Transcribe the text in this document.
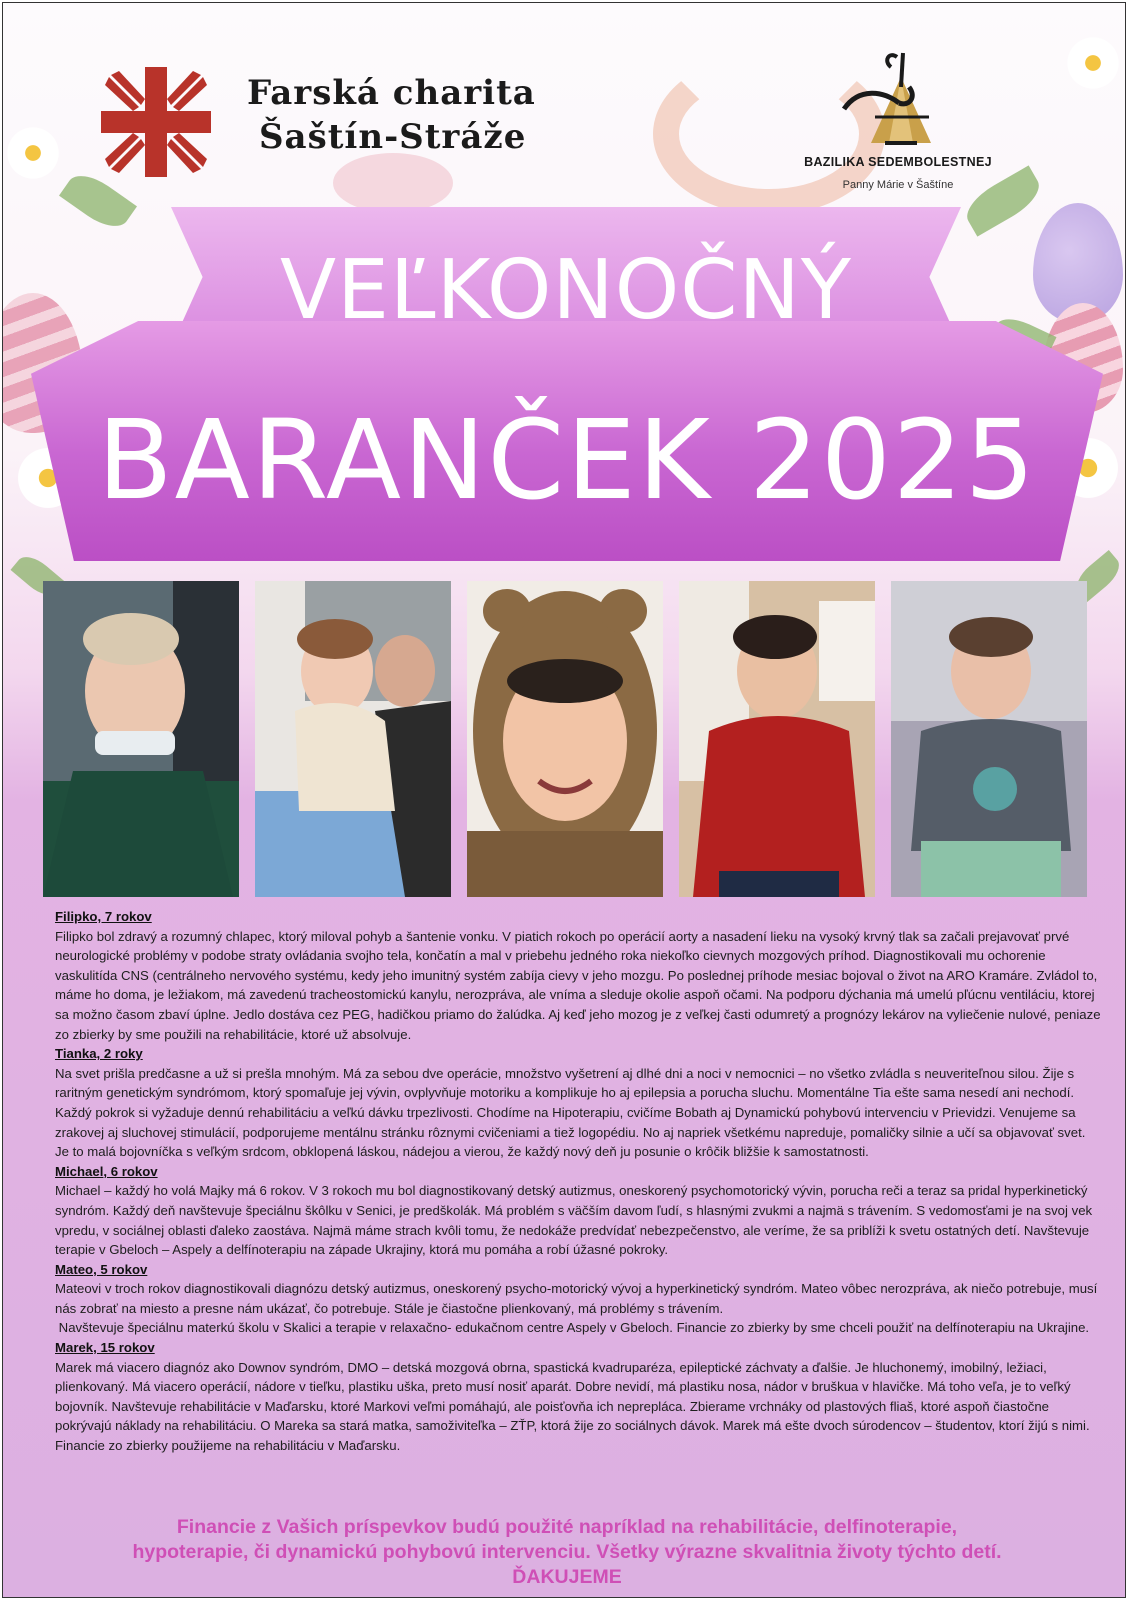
Farská charita
Šaštín-Stráže
BAZILIKA SEDEMBOLESTNEJ
Panny Márie v Šaštíne
VEĽKONOČNÝ
BARANČEK 2025
Filipko, 7 rokov

Filipko bol zdravý a rozumný chlapec, ktorý miloval pohyb a šantenie vonku. V piatich rokoch po operácií aorty a nasadení lieku na vysoký krvný tlak sa začali prejavovať prvé neurologické problémy v podobe straty ovládania svojho tela, končatín a mal v priebehu jedného roka niekoľko cievnych mozgových príhod. Diagnostikovali mu ochorenie vaskulitída CNS (centrálneho nervového systému, kedy jeho imunitný systém zabíja cievy v jeho mozgu. Po poslednej príhode mesiac bojoval o život na ARO Kramáre. Zvládol to, máme ho doma, je ležiakom, má zavedenú tracheostomickú kanylu, nerozpráva, ale vníma a sleduje okolie aspoň očami. Na podporu dýchania má umelú pľúcnu ventiláciu, ktorej sa možno časom zbaví úplne. Jedlo dostáva cez PEG, hadičkou priamo do žalúdka. Aj keď jeho mozog je z veľkej časti odumretý a prognózy lekárov na vyliečenie nulové, peniaze zo zbierky by sme použili na rehabilitácie, ktoré už absolvuje.

Tianka, 2 roky

Na svet prišla predčasne a už si prešla mnohým. Má za sebou dve operácie, množstvo vyšetrení aj dlhé dni a noci v nemocnici – no všetko zvládla s neuveriteľnou silou. Žije s raritným genetickým syndrómom, ktorý spomaľuje jej vývin, ovplyvňuje motoriku a komplikuje ho aj epilepsia a porucha sluchu. Momentálne Tia ešte sama nesedí ani nechodí. Každý pokrok si vyžaduje dennú rehabilitáciu a veľkú dávku trpezlivosti. Chodíme na Hipoterapiu, cvičíme Bobath aj Dynamickú pohybovú intervenciu v Prievidzi. Venujeme sa zrakovej aj sluchovej stimulácií, podporujeme mentálnu stránku rôznymi cvičeniami a tiež logopédiu. No aj napriek všetkému napreduje, pomaličky silnie a učí sa objavovať svet. Je to malá bojovníčka s veľkým srdcom, obklopená láskou, nádejou a vierou, že každý nový deň ju posunie o krôčik bližšie k samostatnosti.

Michael, 6 rokov

Michael – každý ho volá Majky má 6 rokov. V 3 rokoch mu bol diagnostikovaný detský autizmus, oneskorený psychomotorický vývin, porucha reči a teraz sa pridal hyperkinetický syndróm. Každý deň navštevuje špeciálnu škôlku v Senici, je predškolák. Má problém s väčším davom ľudí, s hlasnými zvukmi a najmä s trávením. S vedomosťami je na svoj vek vpredu, v sociálnej oblasti ďaleko zaostáva. Najmä máme strach kvôli tomu, že nedokáže predvídať nebezpečenstvo, ale veríme, že sa priblíži k svetu ostatných detí. Navštevuje terapie v Gbeloch – Aspely a delfínoterapiu na západe Ukrajiny, ktorá mu pomáha a robí úžasné pokroky.

Mateo, 5 rokov

Mateovi v troch rokov diagnostikovali diagnózu detský autizmus, oneskorený psycho-motorický vývoj a hyperkinetický syndróm. Mateo vôbec nerozpráva, ak niečo potrebuje, musí nás zobrať na miesto a presne nám ukázať, čo potrebuje. Stále je čiastočne plienkovaný, má problémy s trávením.

Navštevuje špeciálnu materkú školu v Skalici a terapie v relaxačno- edukačnom centre Aspely v Gbeloch. Financie zo zbierky by sme chceli použiť na delfínoterapiu na Ukrajine.

Marek, 15 rokov

Marek má viacero diagnóz ako Downov syndróm, DMO – detská mozgová obrna, spastická kvadruparéza, epileptické záchvaty a ďalšie. Je hluchonemý, imobilný, ležiaci, plienkovaný. Má viacero operácií, nádore v tieľku, plastiku uška, preto musí nosiť aparát. Dobre nevidí, má plastiku nosa, nádor v bruškua v hlavičke. Má toho veľa, je to veľký bojovník. Navštevuje rehabilitácie v Maďarsku, ktoré Markovi veľmi pomáhajú, ale poisťovňa ich neprepláca. Zbierame vrchnáky od plastových fliaš, ktoré aspoň čiastočne pokrývajú náklady na rehabilitáciu. O Mareka sa stará matka, samoživiteľka – ZŤP, ktorá žije zo sociálnych dávok. Marek má ešte dvoch súrodencov – študentov, ktorí žijú s nimi. Financie zo zbierky použijeme na rehabilitáciu v Maďarsku.

Financie z Vašich príspevkov budú použité napríklad na rehabilitácie, delfinoterapie,
hypoterapie, či dynamickú pohybovú intervenciu. Všetky výrazne skvalitnia životy týchto detí.
ĎAKUJEME
